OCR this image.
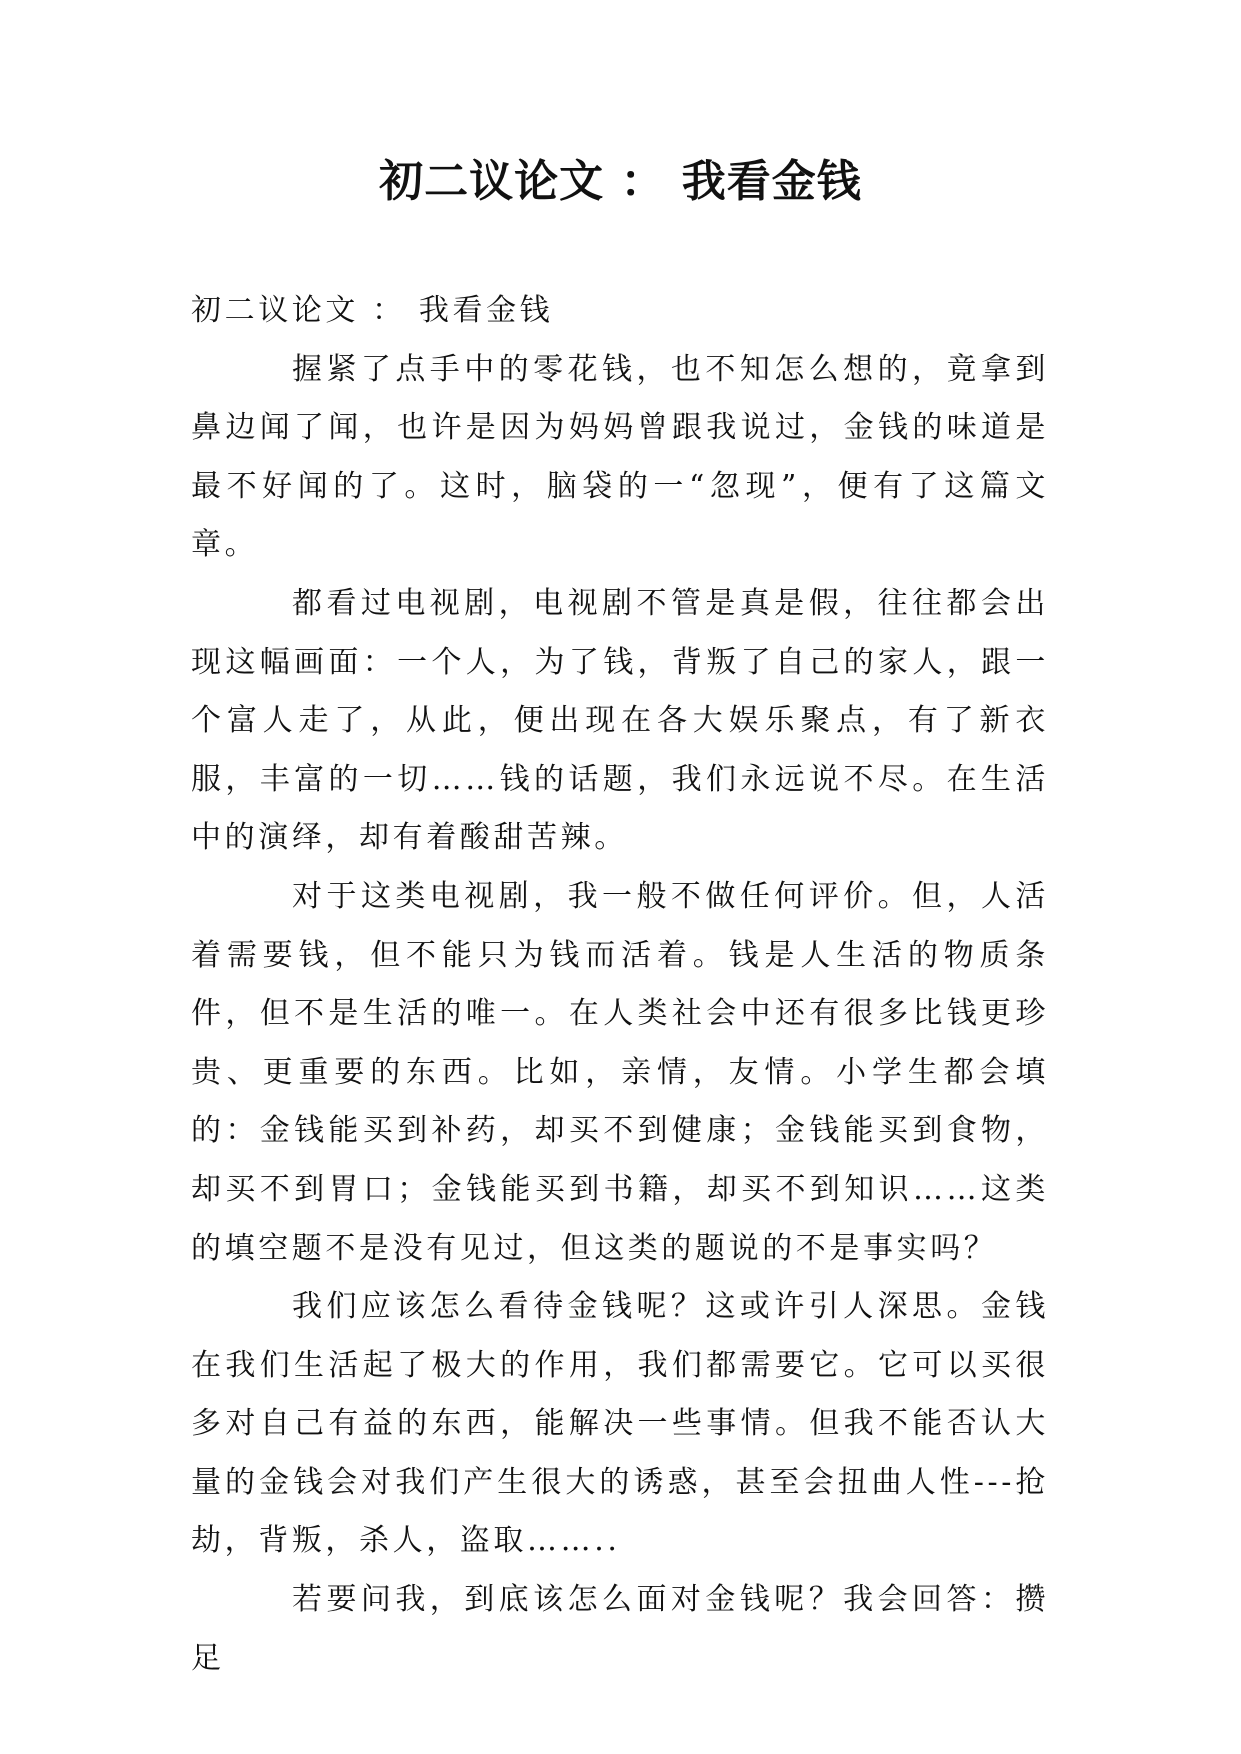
初二议论文 ： 我看金钱

初二议论文 ： 我看金钱

握紧了点手中的零花钱，也不知怎么想的，竟拿到鼻边闻了闻，也许是因为妈妈曾跟我说过，金钱的味道是最不好闻的了。这时，脑袋的一“忽现”，便有了这篇文章。

都看过电视剧，电视剧不管是真是假，往往都会出现这幅画面：一个人，为了钱，背叛了自己的家人，跟一个富人走了，从此，便出现在各大娱乐聚点，有了新衣服，丰富的一切……钱的话题，我们永远说不尽。在生活中的演绎，却有着酸甜苦辣。

对于这类电视剧，我一般不做任何评价。但，人活着需要钱，但不能只为钱而活着。钱是人生活的物质条件，但不是生活的唯一。在人类社会中还有很多比钱更珍贵、更重要的东西。比如，亲情，友情。小学生都会填的：金钱能买到补药，却买不到健康；金钱能买到食物，却买不到胃口；金钱能买到书籍，却买不到知识……这类的填空题不是没有见过，但这类的题说的不是事实吗？

我们应该怎么看待金钱呢？这或许引人深思。金钱在我们生活起了极大的作用，我们都需要它。它可以买很多对自己有益的东西，能解决一些事情。但我不能否认大量的金钱会对我们产生很大的诱惑，甚至会扭曲人性---抢劫，背叛，杀人，盗取……..

若要问我，到底该怎么面对金钱呢？我会回答：攒足
